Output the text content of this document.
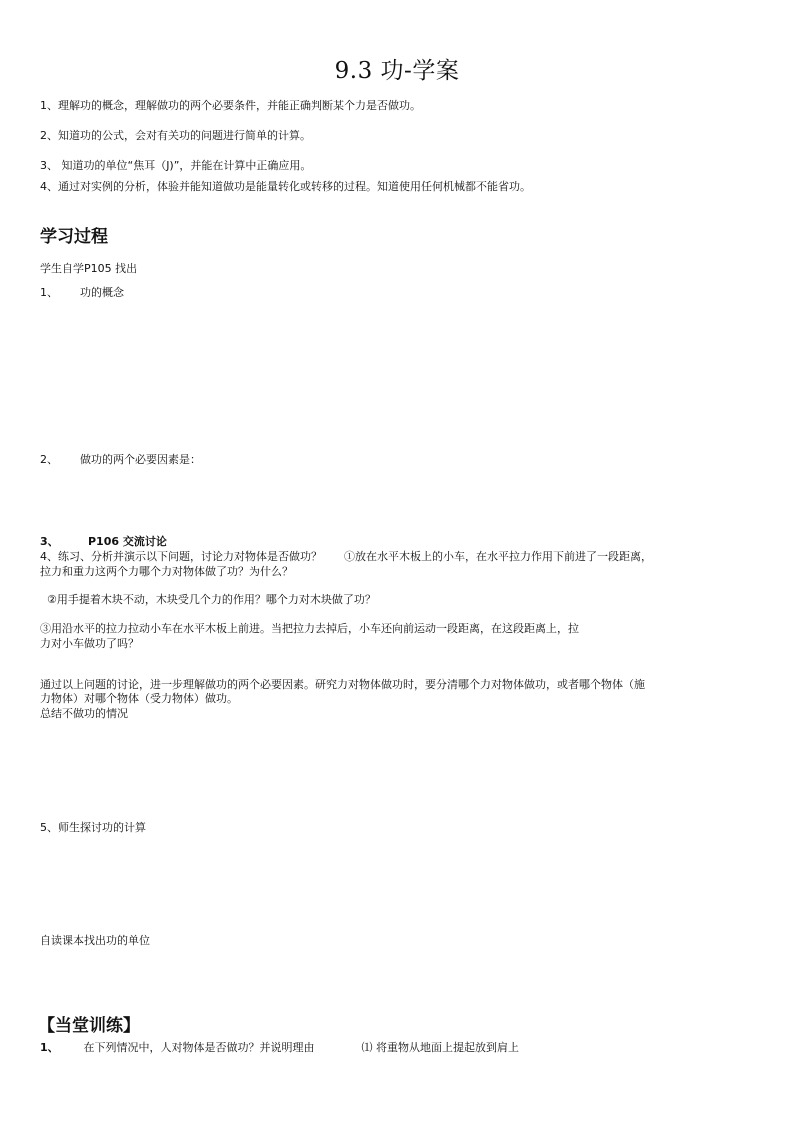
9.3 功-学案
1、理解功的概念，理解做功的两个必要条件，并能正确判断某个力是否做功。
2、知道功的公式，会对有关功的问题进行简单的计算。
3、 知道功的单位“焦耳（J)”，并能在计算中正确应用。
4、通过对实例的分析，体验并能知道做功是能量转化或转移的过程。知道使用任何机械都不能省功。
学习过程
学生自学P105 找出
1、 功的概念
2、 做功的两个必要因素是：
3、	P106 交流讨论
4、练习、分析并演示以下问题，讨论力对物体是否做功？ ①放在水平木板上的小车，在水平拉力作用下前进了一段距离，
拉力和重力这两个力哪个力对物体做了功？为什么？
②用手提着木块不动，木块受几个力的作用？哪个力对木块做了功？
③用沿水平的拉力拉动小车在水平木板上前进。当把拉力去掉后，小车还向前运动一段距离，在这段距离上，拉
力对小车做功了吗？
通过以上问题的讨论，进一步理解做功的两个必要因素。研究力对物体做功时，要分清哪个力对物体做功，或者哪个物体（施
力物体）对哪个物体（受力物体）做功。
总结不做功的情况
5、师生探讨功的计算
自读课本找出功的单位
【当堂训练】
1、 在下列情况中，人对物体是否做功？并说明理由	⑴ 将重物从地面上提起放到肩上
